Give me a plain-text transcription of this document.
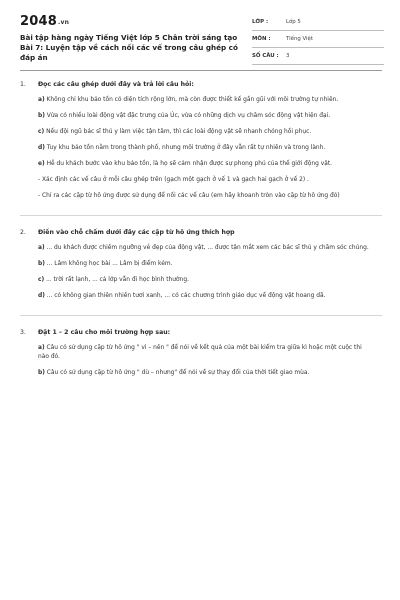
2048.vn
Bài tập hàng ngày Tiếng Việt lớp 5 Chân trời sáng tạo Bài 7: Luyện tập về cách nối các vế trong câu ghép có đáp án
LỚP :	Lớp 5
MÔN :	Tiếng Việt
SỐ CÂU : 3
1. Đọc các câu ghép dưới đây và trả lời câu hỏi:
a) Không chỉ khu bảo tồn có diện tích rộng lớn, mà còn được thiết kế gần gũi với môi trường tự nhiên.
b) Vừa có nhiều loài động vật đặc trưng của Úc, vừa có những dịch vụ chăm sóc động vật hiện đại.
c) Nếu đội ngũ bác sĩ thú y làm việc tận tâm, thì các loài động vật sẽ nhanh chóng hồi phục.
d) Tuy khu bảo tồn nằm trong thành phố, nhưng môi trường ở đây vẫn rất tự nhiên và trong lành.
e) Hễ du khách bước vào khu bảo tồn, là họ sẽ cảm nhận được sự phong phú của thế giới động vật.
- Xác định các vế câu ở mỗi câu ghép trên (gạch một gạch ở vế 1 và gạch hai gạch ở vế 2) .
- Chỉ ra các cặp từ hô ứng được sử dụng để nối các vế câu (em hãy khoanh tròn vào cặp từ hô ứng đó)
2. Điền vào chỗ chấm dưới đây các cặp từ hô ứng thích hợp
a) ... du khách được chiêm ngưỡng vẻ đẹp của động vật, ... được tận mắt xem các bác sĩ thú y chăm sóc chúng.
b) ... Lâm không học bài ... Lâm bị điểm kém.
c) ... trời rất lạnh, ... cả lớp vẫn đi học bình thường.
d) ... có không gian thiên nhiên tươi xanh, ... có các chương trình giáo dục về động vật hoang dã.
3. Đặt 1 – 2 câu cho môi trường hợp sau:
a) Câu có sử dụng cặp từ hô ứng " vì – nên " để nói về kết quả của một bài kiểm tra giữa kì hoặc một cuộc thi nào đó.
b) Câu có sử dụng cặp từ hô ứng " dù – nhưng" để nói về sự thay đổi của thời tiết giao mùa.
